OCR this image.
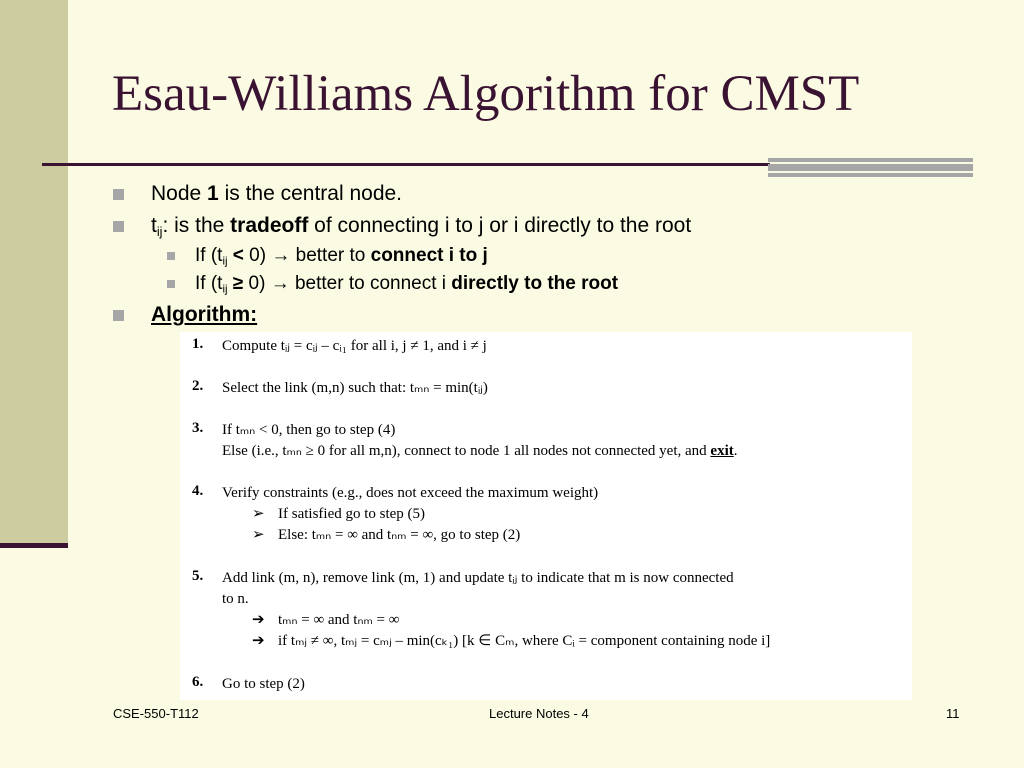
Esau-Williams Algorithm for CMST
Node 1 is the central node.
$t_{ij}$: is the tradeoff of connecting i to j or i directly to the root
If $(t_{ij} < 0)$ → better to connect i to j
If $(t_{ij} \ge 0)$ → better to connect i directly to the root
Algorithm:
1. Compute tᵢⱼ = cᵢⱼ – cᵢ₁ for all i, j ≠ 1, and i ≠ j
2. Select the link (m,n) such that: tₘₙ = min(tᵢⱼ)
3. If tₘₙ < 0, then go to step (4)
Else (i.e., tₘₙ ≥ 0 for all m,n), connect to node 1 all nodes not connected yet, and exit.
4. Verify constraints (e.g., does not exceed the maximum weight)
➢ If satisfied go to step (5)
➢ Else: tₘₙ = ∞ and tₙₘ = ∞, go to step (2)
5. Add link (m, n), remove link (m, 1) and update tᵢⱼ to indicate that m is now connected
to n.
➔ tₘₙ = ∞ and tₙₘ = ∞
➔ if tₘⱼ ≠ ∞, tₘⱼ = cₘⱼ – min(cₖ₁) [k ∈ Cₘ, where Cᵢ = component containing node i]
6. Go to step (2)
CSE-550-T112	Lecture Notes - 4	11
